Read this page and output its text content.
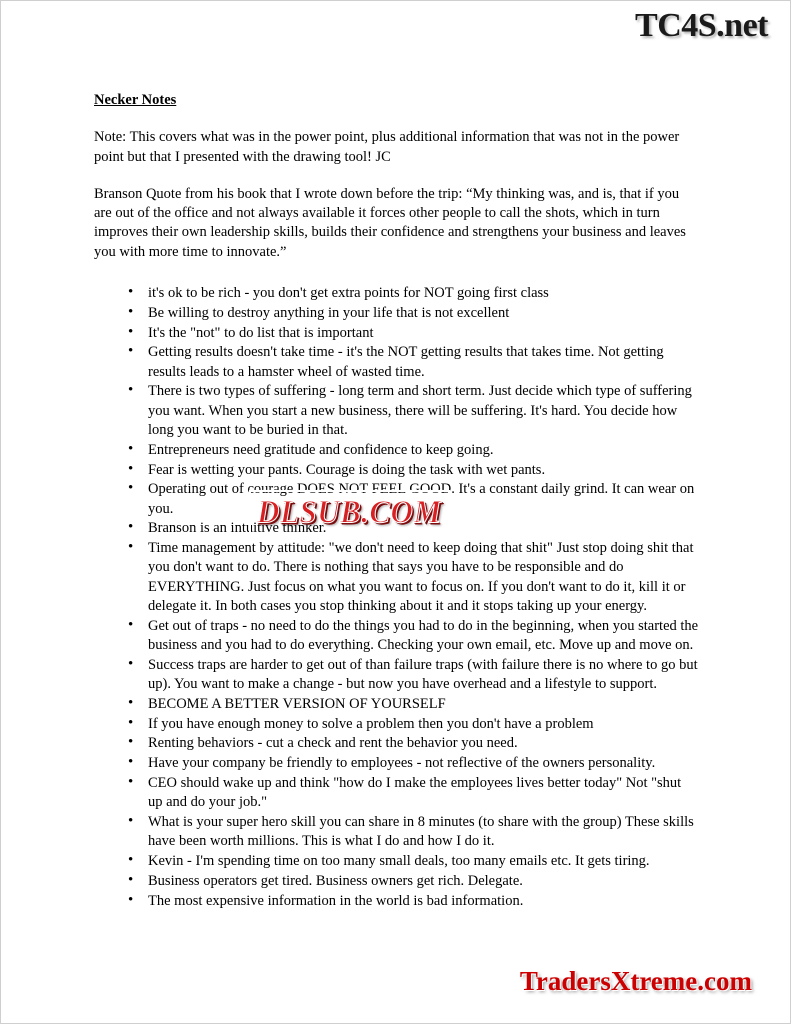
TC4S.net
Necker Notes

Note: This covers what was in the power point, plus additional information that was not in the power point but that I presented with the drawing tool! JC

Branson Quote from his book that I wrote down before the trip: “My thinking was, and is, that if you are out of the office and not always available it forces other people to call the shots, which in turn improves their own leadership skills, builds their confidence and strengthens your business and leaves you with more time to innovate.”

• it's ok to be rich - you don't get extra points for NOT going first class
• Be willing to destroy anything in your life that is not excellent
• It's the "not" to do list that is important
• Getting results doesn't take time - it's the NOT getting results that takes time. Not getting results leads to a hamster wheel of wasted time.
• There is two types of suffering - long term and short term. Just decide which type of suffering you want. When you start a new business, there will be suffering. It's hard. You decide how long you want to be buried in that.
• Entrepreneurs need gratitude and confidence to keep going.
• Fear is wetting your pants. Courage is doing the task with wet pants.
• Operating out of courage DOES NOT FEEL GOOD. It's a constant daily grind. It can wear on you.
• Branson is an intuitive thinker.
• Time management by attitude: "we don't need to keep doing that shit" Just stop doing shit that you don't want to do. There is nothing that says you have to be responsible and do EVERYTHING. Just focus on what you want to focus on. If you don't want to do it, kill it or delegate it. In both cases you stop thinking about it and it stops taking up your energy.
• Get out of traps - no need to do the things you had to do in the beginning, when you started the business and you had to do everything. Checking your own email, etc. Move up and move on.
• Success traps are harder to get out of than failure traps (with failure there is no where to go but up). You want to make a change - but now you have overhead and a lifestyle to support.
• BECOME A BETTER VERSION OF YOURSELF
• If you have enough money to solve a problem then you don't have a problem
• Renting behaviors - cut a check and rent the behavior you need.
• Have your company be friendly to employees - not reflective of the owners personality.
• CEO should wake up and think "how do I make the employees lives better today" Not "shut up and do your job."
• What is your super hero skill you can share in 8 minutes (to share with the group) These skills have been worth millions. This is what I do and how I do it.
• Kevin - I'm spending time on too many small deals, too many emails etc. It gets tiring.
• Business operators get tired. Business owners get rich. Delegate.
• The most expensive information in the world is bad information.
DLSUB.COM
TradersXtreme.com
